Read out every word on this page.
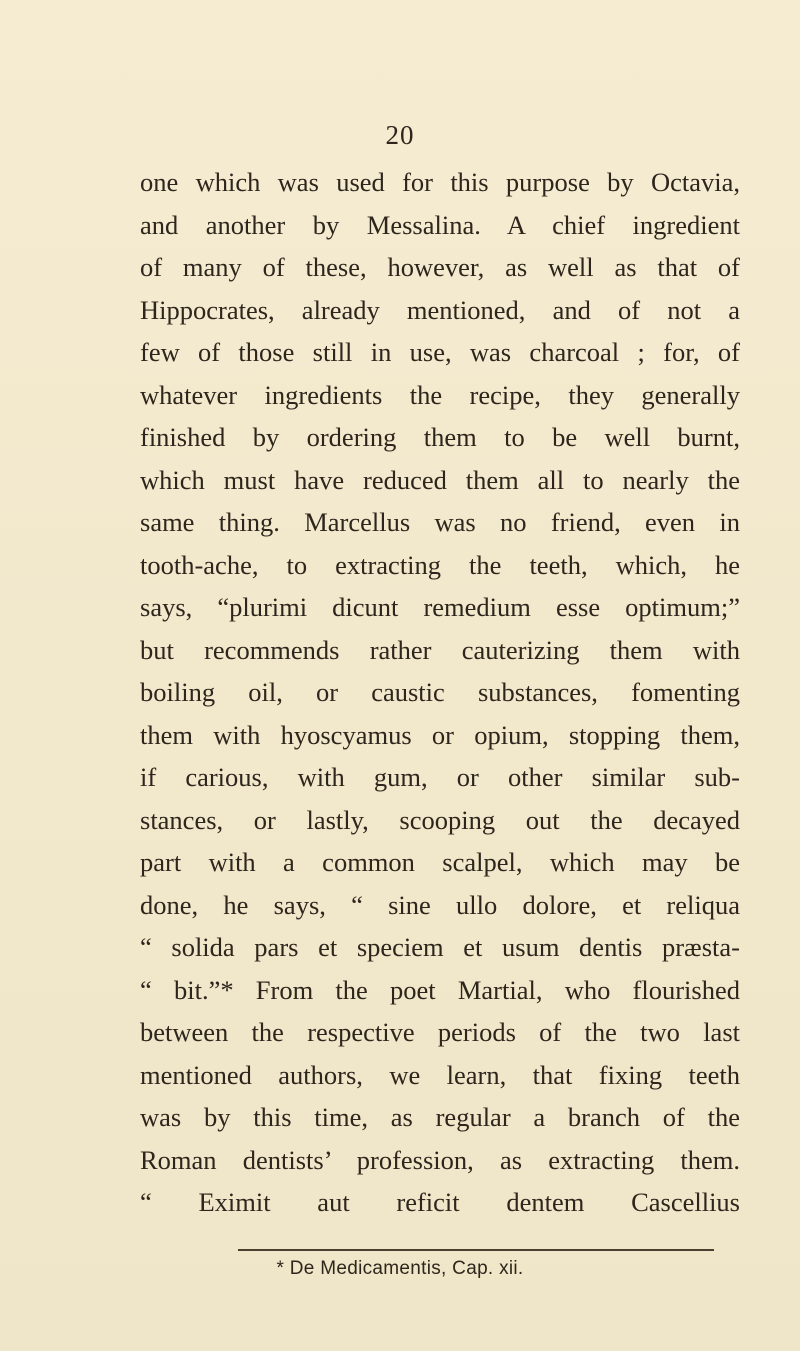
20
one which was used for this purpose by Octavia,
and another by Messalina. A chief ingredient
of many of these, however, as well as that of
Hippocrates, already mentioned, and of not a
few of those still in use, was charcoal ; for, of
whatever ingredients the recipe, they generally
finished by ordering them to be well burnt,
which must have reduced them all to nearly the
same thing. Marcellus was no friend, even in
tooth-ache, to extracting the teeth, which, he
says, “plurimi dicunt remedium esse optimum;”
but recommends rather cauterizing them with
boiling oil, or caustic substances, fomenting
them with hyoscyamus or opium, stopping them,
if carious, with gum, or other similar sub-
stances, or lastly, scooping out the decayed
part with a common scalpel, which may be
done, he says, “ sine ullo dolore, et reliqua
“ solida pars et speciem et usum dentis præsta-
“ bit.”* From the poet Martial, who flourished
between the respective periods of the two last
mentioned authors, we learn, that fixing teeth
was by this time, as regular a branch of the
Roman dentists’ profession, as extracting them.
“ Eximit aut reficit dentem Cascellius
* De Medicamentis, Cap. xii.
